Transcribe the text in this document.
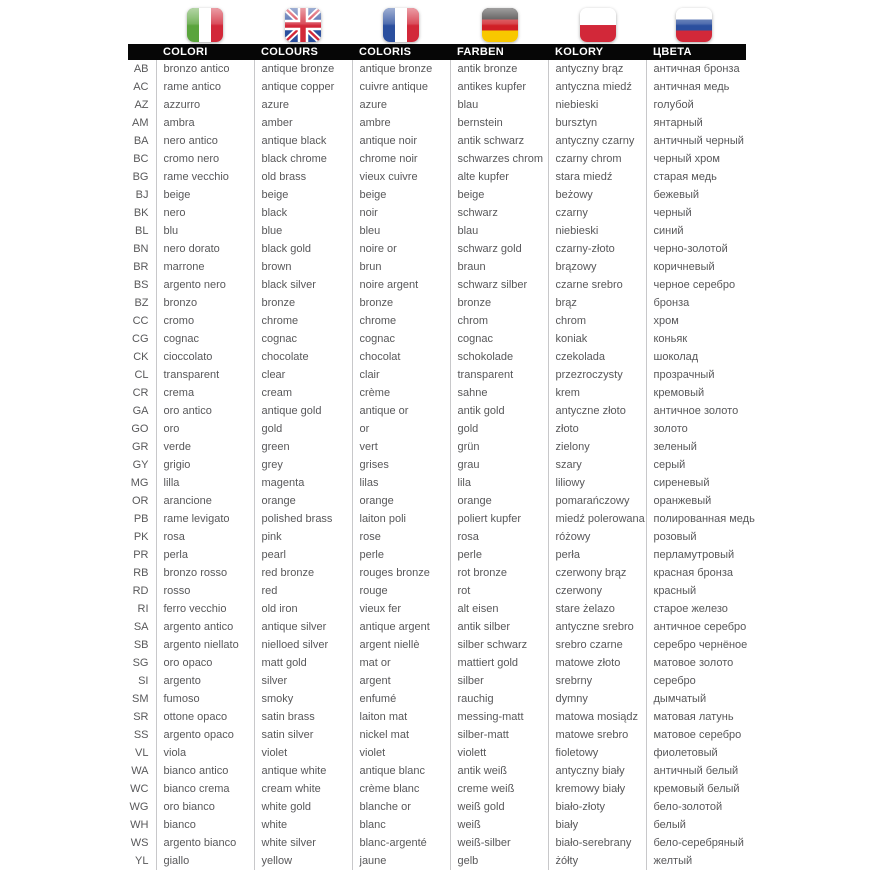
	COLORI	COLOURS	COLORIS	FARBEN	KOLORY	ЦВЕТА
AB	bronzo antico	antique bronze	antique bronze	antik bronze	antyczny brąz	античная бронза
AC	rame antico	antique copper	cuivre antique	antikes kupfer	antyczna miedź	античная медь
AZ	azzurro	azure	azure	blau	niebieski	голубой
AM	ambra	amber	ambre	bernstein	bursztyn	янтарный
BA	nero antico	antique black	antique noir	antik schwarz	antyczny czarny	античный черный
BC	cromo nero	black chrome	chrome noir	schwarzes chrom	czarny chrom	черный хром
BG	rame vecchio	old brass	vieux cuivre	alte kupfer	stara miedź	старая медь
BJ	beige	beige	beige	beige	beżowy	бежевый
BK	nero	black	noir	schwarz	czarny	черный
BL	blu	blue	bleu	blau	niebieski	синий
BN	nero dorato	black gold	noire or	schwarz gold	czarny-złoto	черно-золотой
BR	marrone	brown	brun	braun	brązowy	коричневый
BS	argento nero	black silver	noire argent	schwarz silber	czarne srebro	черное серебро
BZ	bronzo	bronze	bronze	bronze	brąz	бронза
CC	cromo	chrome	chrome	chrom	chrom	хром
CG	cognac	cognac	cognac	cognac	koniak	коньяк
CK	cioccolato	chocolate	chocolat	schokolade	czekolada	шоколад
CL	transparent	clear	clair	transparent	przezroczysty	прозрачный
CR	crema	cream	crème	sahne	krem	кремовый
GA	oro antico	antique gold	antique or	antik gold	antyczne złoto	античное золото
GO	oro	gold	or	gold	złoto	золото
GR	verde	green	vert	grün	zielony	зеленый
GY	grigio	grey	grises	grau	szary	серый
MG	lilla	magenta	lilas	lila	liliowy	сиреневый
OR	arancione	orange	orange	orange	pomarańczowy	оранжевый
PB	rame levigato	polished brass	laiton poli	poliert kupfer	miedź polerowana	полированная медь
PK	rosa	pink	rose	rosa	różowy	розовый
PR	perla	pearl	perle	perle	perła	перламутровый
RB	bronzo rosso	red bronze	rouges bronze	rot bronze	czerwony brąz	красная бронза
RD	rosso	red	rouge	rot	czerwony	красный
RI	ferro vecchio	old iron	vieux fer	alt eisen	stare żelazo	старое железо
SA	argento antico	antique silver	antique argent	antik silber	antyczne srebro	античное серебро
SB	argento niellato	nielloed silver	argent niellè	silber schwarz	srebro czarne	серебро чернёное
SG	oro opaco	matt gold	mat or	mattiert gold	matowe złoto	матовое золото
SI	argento	silver	argent	silber	srebrny	серебро
SM	fumoso	smoky	enfumé	rauchig	dymny	дымчатый
SR	ottone opaco	satin brass	laiton mat	messing-matt	matowa mosiądz	матовая латунь
SS	argento opaco	satin silver	nickel mat	silber-matt	matowe srebro	матовое серебро
VL	viola	violet	violet	violett	fioletowy	фиолетовый
WA	bianco antico	antique white	antique blanc	antik weiß	antyczny biały	античный белый
WC	bianco crema	cream white	crème blanc	creme weiß	kremowy biały	кремовый белый
WG	oro bianco	white gold	blanche or	weiß gold	biało-złoty	бело-золотой
WH	bianco	white	blanc	weiß	biały	белый
WS	argento bianco	white silver	blanc-argenté	weiß-silber	biało-serebrany	бело-серебряный
YL	giallo	yellow	jaune	gelb	żółty	желтый
